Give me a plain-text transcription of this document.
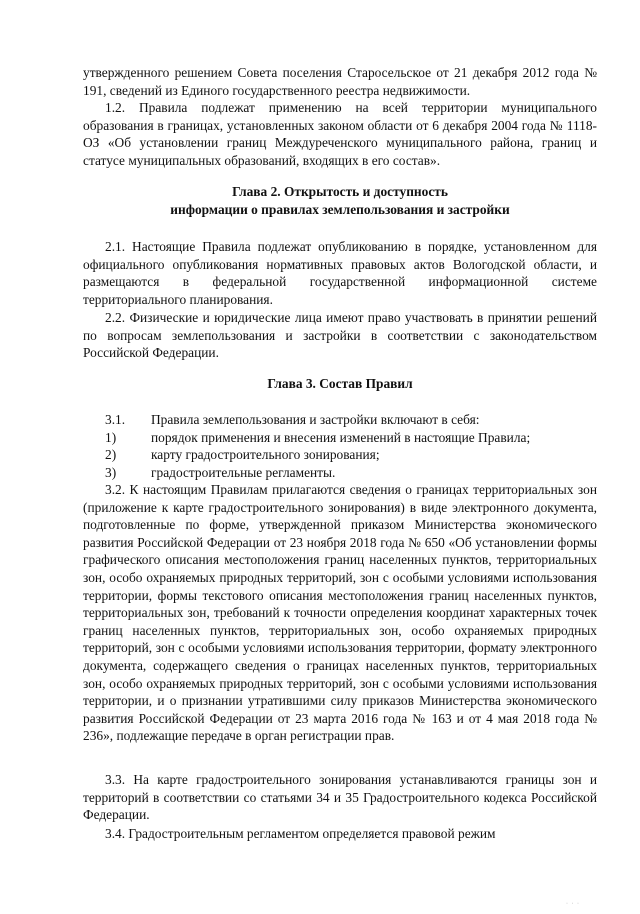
утвержденного решением Совета поселения Старосельское от 21 декабря 2012 года № 191, сведений из Единого государственного реестра недвижимости.
1.2. Правила подлежат применению на всей территории муниципального образования в границах, установленных законом области от 6 декабря 2004 года № 1118-ОЗ «Об установлении границ Междуреченского муниципального района, границ и статусе муниципальных образований, входящих в его состав».
Глава 2. Открытость и доступность
информации о правилах землепользования и застройки
2.1. Настоящие Правила подлежат опубликованию в порядке, установленном для официального опубликования нормативных правовых актов Вологодской области, и размещаются в федеральной государственной информационной системе территориального планирования.
2.2. Физические и юридические лица имеют право участвовать в принятии решений по вопросам землепользования и застройки в соответствии с законодательством Российской Федерации.
Глава 3. Состав Правил
3.1.	Правила землепользования и застройки включают в себя:
1)	порядок применения и внесения изменений в настоящие Правила;
2)	карту градостроительного зонирования;
3)	градостроительные регламенты.
3.2. К настоящим Правилам прилагаются сведения о границах территориальных зон (приложение к карте градостроительного зонирования) в виде электронного документа, подготовленные по форме, утвержденной приказом Министерства экономического развития Российской Федерации от 23 ноября 2018 года № 650 «Об установлении формы графического описания местоположения границ населенных пунктов, территориальных зон, особо охраняемых природных территорий, зон с особыми условиями использования территории, формы текстового описания местоположения границ населенных пунктов, территориальных зон, требований к точности определения координат характерных точек границ населенных пунктов, территориальных зон, особо охраняемых природных территорий, зон с особыми условиями использования территории, формату электронного документа, содержащего сведения о границах населенных пунктов, территориальных зон, особо охраняемых природных территорий, зон с особыми условиями использования территории, и о признании утратившими силу приказов Министерства экономического развития Российской Федерации от 23 марта 2016 года № 163 и от 4 мая 2018 года № 236», подлежащие передаче в орган регистрации прав.
3.3. На карте градостроительного зонирования устанавливаются границы зон и территорий в соответствии со статьями 34 и 35 Градостроительного кодекса Российской Федерации.
3.4. Градостроительным регламентом определяется правовой режим
· · ·
